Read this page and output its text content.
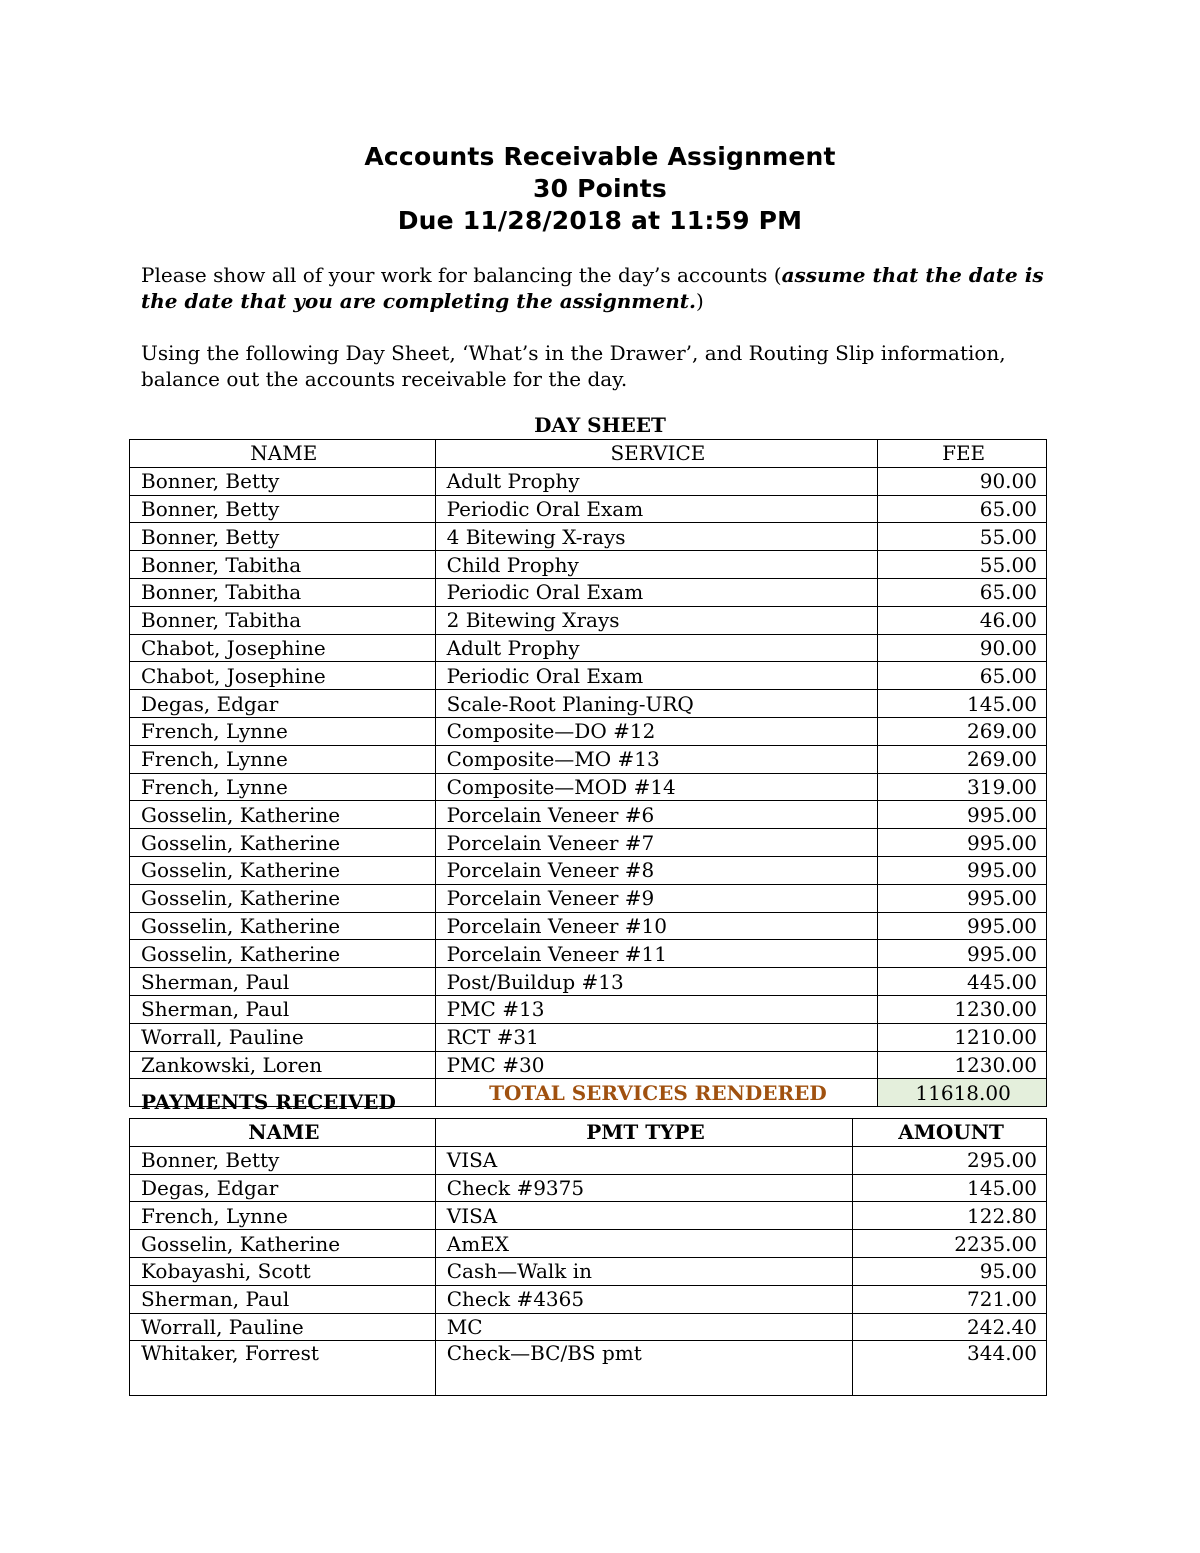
Accounts Receivable Assignment
30 Points
Due 11/28/2018 at 11:59 PM
Please show all of your work for balancing the day’s accounts (assume that the date is the date that you are completing the assignment.)
Using the following Day Sheet, ‘What’s in the Drawer’, and Routing Slip information, balance out the accounts receivable for the day.
DAY SHEET
NAME	SERVICE	FEE
Bonner, Betty	Adult Prophy	90.00
Bonner, Betty	Periodic Oral Exam	65.00
Bonner, Betty	4 Bitewing X-rays	55.00
Bonner, Tabitha	Child Prophy	55.00
Bonner, Tabitha	Periodic Oral Exam	65.00
Bonner, Tabitha	2 Bitewing Xrays	46.00
Chabot, Josephine	Adult Prophy	90.00
Chabot, Josephine	Periodic Oral Exam	65.00
Degas, Edgar	Scale-Root Planing-URQ	145.00
French, Lynne	Composite—DO #12	269.00
French, Lynne	Composite—MO #13	269.00
French, Lynne	Composite—MOD #14	319.00
Gosselin, Katherine	Porcelain Veneer #6	995.00
Gosselin, Katherine	Porcelain Veneer #7	995.00
Gosselin, Katherine	Porcelain Veneer #8	995.00
Gosselin, Katherine	Porcelain Veneer #9	995.00
Gosselin, Katherine	Porcelain Veneer #10	995.00
Gosselin, Katherine	Porcelain Veneer #11	995.00
Sherman, Paul	Post/Buildup #13	445.00
Sherman, Paul	PMC #13	1230.00
Worrall, Pauline	RCT #31	1210.00
Zankowski, Loren	PMC #30	1230.00
	TOTAL SERVICES RENDERED	11618.00
PAYMENTS RECEIVED
NAME	PMT TYPE	AMOUNT
Bonner, Betty	VISA	295.00
Degas, Edgar	Check #9375	145.00
French, Lynne	VISA	122.80
Gosselin, Katherine	AmEX	2235.00
Kobayashi, Scott	Cash—Walk in	95.00
Sherman, Paul	Check #4365	721.00
Worrall, Pauline	MC	242.40
Whitaker, Forrest	Check—BC/BS pmt	344.00
